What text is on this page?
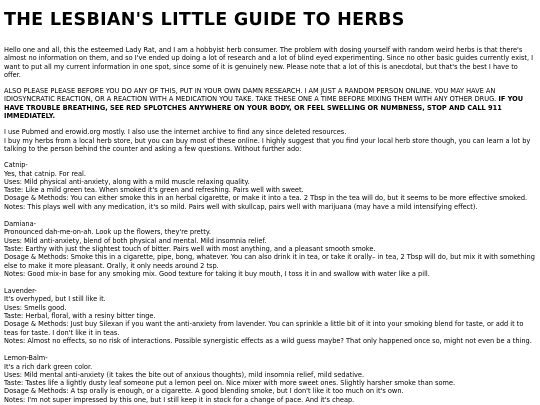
THE LESBIAN'S LITTLE GUIDE TO HERBS

Hello one and all, this the esteemed Lady Rat, and I am a hobbyist herb consumer. The problem with dosing yourself with random weird herbs is that there's almost no information on them, and so I've ended up doing a lot of research and a lot of blind eyed experimenting. Since no other basic guides currently exist, I want to put all my current information in one spot, since some of it is genuinely new. Please note that a lot of this is anecdotal, but that's the best I have to offer.

ALSO PLEASE PLEASE BEFORE YOU DO ANY OF THIS, PUT IN YOUR OWN DAMN RESEARCH. I AM JUST A RANDOM PERSON ONLINE. YOU MAY HAVE AN IDIOSYNCRATIC REACTION, OR A REACTION WITH A MEDICATION YOU TAKE. TAKE THESE ONE A TIME BEFORE MIXING THEM WITH ANY OTHER DRUG. IF YOU HAVE TROUBLE BREATHING, SEE RED SPLOTCHES ANYWHERE ON YOUR BODY, OR FEEL SWELLING OR NUMBNESS, STOP AND CALL 911 IMMEDIATELY.

I use Pubmed and erowid.org mostly. I also use the internet archive to find any since deleted resources.
I buy my herbs from a local herb store, but you can buy most of these online. I highly suggest that you find your local herb store though, you can learn a lot by talking to the person behind the counter and asking a few questions. Without further ado:

Catnip-
Yes, that catnip. For real.
Uses: Mild physical anti-anxiety, along with a mild muscle relaxing quality.
Taste: Like a mild green tea. When smoked it's green and refreshing. Pairs well with sweet.
Dosage & Methods: You can either smoke this in an herbal cigarette, or make it into a tea. 2 Tbsp in the tea will do, but it seems to be more effective smoked.
Notes: This plays well with any medication, it's so mild. Pairs well with skullcap, pairs well with marijuana (may have a mild intensifying effect).
Damiana-
Pronounced dah-me-on-ah. Look up the flowers, they're pretty.
Uses: Mild anti-anxiety, blend of both physical and mental. Mild insomnia relief.
Taste: Earthy with just the slightest touch of bitter. Pairs well with most anything, and a pleasant smooth smoke.
Dosage & Methods: Smoke this in a cigarette, pipe, bong, whatever. You can also drink it in tea, or take it orally– in tea, 2 Tbsp will do, but mix it with something else to make it more pleasant. Orally, it only needs around 2 tsp.
Notes: Good mix-in base for any smoking mix. Good texture for taking it buy mouth, I toss it in and swallow with water like a pill.
Lavender-
It's overhyped, but I still like it.
Uses: Smells good.
Taste: Herbal, floral, with a resiny bitter tinge.
Dosage & Methods: Just buy Silexan if you want the anti-anxiety from lavender. You can sprinkle a little bit of it into your smoking blend for taste, or add it to teas for taste. I don't like it in teas.
Notes: Almost no effects, so no risk of interactions. Possible synergistic effects as a wild guess maybe? That only happened once so, might not even be a thing.
Lemon-Balm-
It's a rich dark green color.
Uses: Mild mental anti-anxiety (it takes the bite out of anxious thoughts), mild insomnia relief, mild sedative.
Taste: Tastes life a lightly dusty leaf someone put a lemon peel on. Nice mixer with more sweet ones. Slightly harsher smoke than some.
Dosage & Methods: A tsp orally is enough, or a cigarette. A good blending smoke, but I don't like it too much on it's own.
Notes: I'm not super impressed by this one, but I still keep it in stock for a change of pace. And it's cheap.
